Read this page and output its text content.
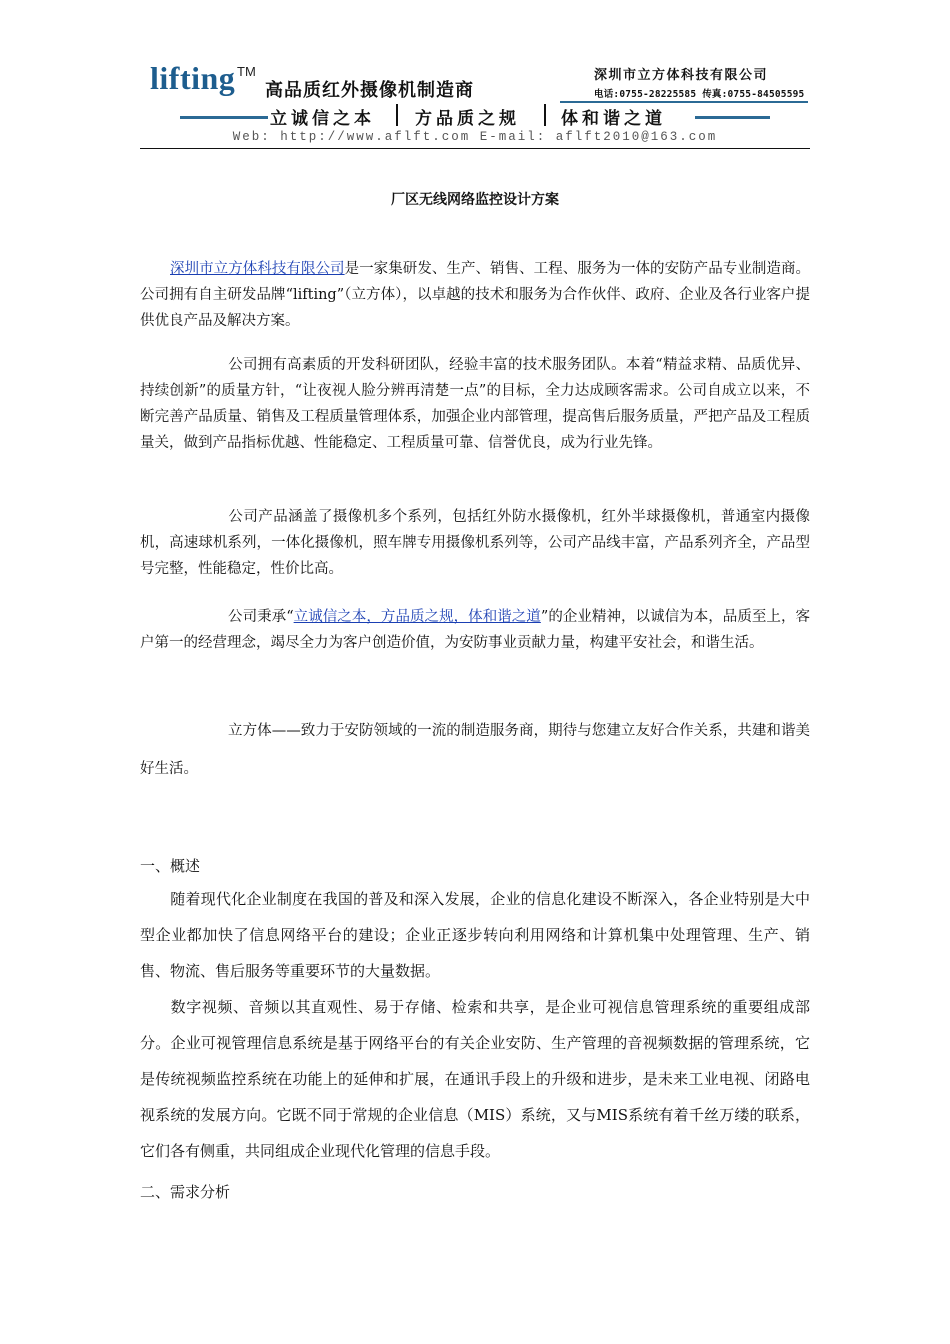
lifting TM
高品质红外摄像机制造商
深圳市立方体科技有限公司
电话:0755-28225585 传真:0755-84505595
立诚信之本 方品质之规 体和谐之道
Web: http://www.aflft.com E-mail: aflft2010@163.com
厂区无线网络监控设计方案
深圳市立方体科技有限公司是一家集研发、生产、销售、工程、服务为一体的安防产品专业制造商。公司拥有自主研发品牌“lifting”（立方体），以卓越的技术和服务为合作伙伴、政府、企业及各行业客户提供优良产品及解决方案。
公司拥有高素质的开发科研团队，经验丰富的技术服务团队。本着“精益求精、品质优异、持续创新”的质量方针，“让夜视人脸分辨再清楚一点”的目标，全力达成顾客需求。公司自成立以来，不断完善产品质量、销售及工程质量管理体系，加强企业内部管理，提高售后服务质量，严把产品及工程质量关，做到产品指标优越、性能稳定、工程质量可靠、信誉优良，成为行业先锋。
公司产品涵盖了摄像机多个系列，包括红外防水摄像机，红外半球摄像机，普通室内摄像机，高速球机系列，一体化摄像机，照车牌专用摄像机系列等，公司产品线丰富，产品系列齐全，产品型号完整，性能稳定，性价比高。
公司秉承“立诚信之本，方品质之规，体和谐之道”的企业精神，以诚信为本，品质至上，客户第一的经营理念，竭尽全力为客户创造价值，为安防事业贡献力量，构建平安社会，和谐生活。
立方体——致力于安防领域的一流的制造服务商，期待与您建立友好合作关系，共建和谐美好生活。
一、概述
随着现代化企业制度在我国的普及和深入发展，企业的信息化建设不断深入，各企业特别是大中型企业都加快了信息网络平台的建设；企业正逐步转向利用网络和计算机集中处理管理、生产、销售、物流、售后服务等重要环节的大量数据。
数字视频、音频以其直观性、易于存储、检索和共享，是企业可视信息管理系统的重要组成部分。企业可视管理信息系统是基于网络平台的有关企业安防、生产管理的音视频数据的管理系统，它是传统视频监控系统在功能上的延伸和扩展，在通讯手段上的升级和进步，是未来工业电视、闭路电视系统的发展方向。它既不同于常规的企业信息（MIS）系统，又与MIS系统有着千丝万缕的联系，它们各有侧重，共同组成企业现代化管理的信息手段。
二、需求分析
